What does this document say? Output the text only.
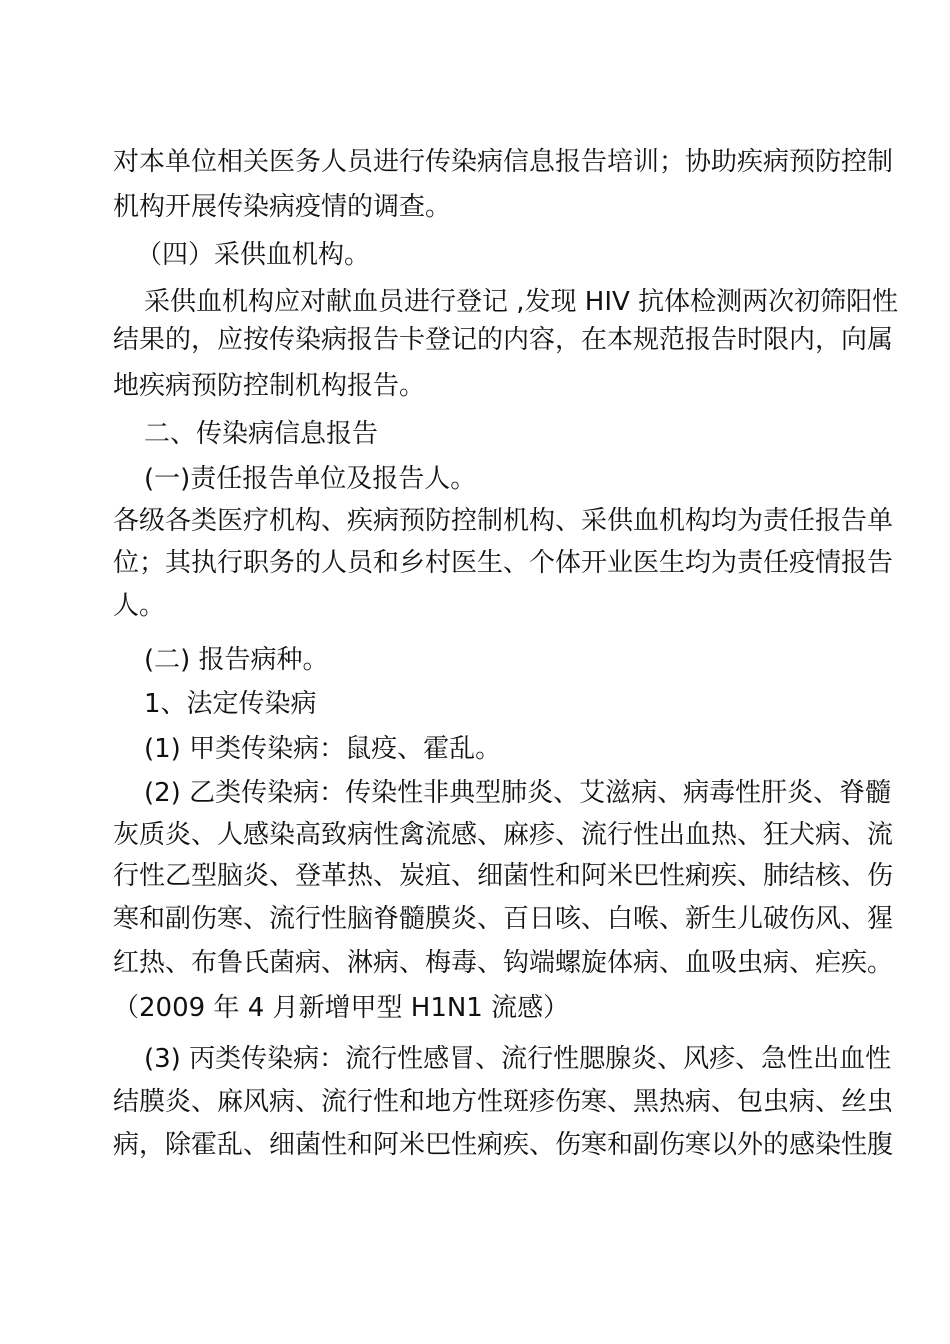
对本单位相关医务人员进行传染病信息报告培训；协助疾病预防控制
机构开展传染病疫情的调查。
（四）采供血机构。
采供血机构应对献血员进行登记 ,发现 HIV 抗体检测两次初筛阳性
结果的，应按传染病报告卡登记的内容，在本规范报告时限内，向属
地疾病预防控制机构报告。
二、传染病信息报告
(一)责任报告单位及报告人。
各级各类医疗机构、疾病预防控制机构、采供血机构均为责任报告单
位；其执行职务的人员和乡村医生、个体开业医生均为责任疫情报告
人。
(二) 报告病种。
1、法定传染病
(1) 甲类传染病：鼠疫、霍乱。
(2) 乙类传染病：传染性非典型肺炎、艾滋病、病毒性肝炎、脊髓
灰质炎、人感染高致病性禽流感、麻疹、流行性出血热、狂犬病、流
行性乙型脑炎、登革热、炭疽、细菌性和阿米巴性痢疾、肺结核、伤
寒和副伤寒、流行性脑脊髓膜炎、百日咳、白喉、新生儿破伤风、猩
红热、布鲁氏菌病、淋病、梅毒、钩端螺旋体病、血吸虫病、疟疾。
（2009 年 4 月新增甲型 H1N1 流感）
(3) 丙类传染病：流行性感冒、流行性腮腺炎、风疹、急性出血性
结膜炎、麻风病、流行性和地方性斑疹伤寒、黑热病、包虫病、丝虫
病，除霍乱、细菌性和阿米巴性痢疾、伤寒和副伤寒以外的感染性腹
